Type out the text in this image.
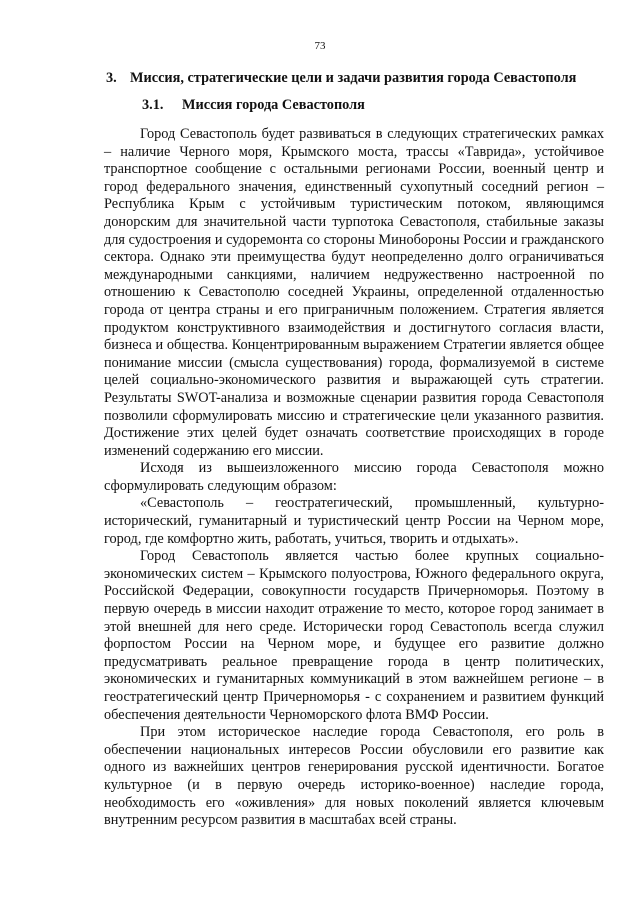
73
3. Миссия, стратегические цели и задачи развития города Севастополя
3.1. Миссия города Севастополя

Город Севастополь будет развиваться в следующих стратегических рамках – наличие Черного моря, Крымского моста, трассы «Таврида», устойчивое транспортное сообщение с остальными регионами России, военный центр и город федерального значения, единственный сухопутный соседний регион – Республика Крым с устойчивым туристическим потоком, являющимся донорским для значительной части турпотока Севастополя, стабильные заказы для судостроения и судоремонта со стороны Минобороны России и гражданского сектора. Однако эти преимущества будут неопределенно долго ограничиваться международными санкциями, наличием недружественно настроенной по отношению к Севастополю соседней Украины, определенной отдаленностью города от центра страны и его приграничным положением. Стратегия является продуктом конструктивного взаимодействия и достигнутого согласия власти, бизнеса и общества. Концентрированным выражением Стратегии является общее понимание миссии (смысла существования) города, формализуемой в системе целей социально-экономического развития и выражающей суть стратегии. Результаты SWOT-анализа и возможные сценарии развития города Севастополя позволили сформулировать миссию и стратегические цели указанного развития. Достижение этих целей будет означать соответствие происходящих в городе изменений содержанию его миссии.

Исходя из вышеизложенного миссию города Севастополя можно сформулировать следующим образом:

«Севастополь – геостратегический, промышленный, культурно-исторический, гуманитарный и туристический центр России на Черном море, город, где комфортно жить, работать, учиться, творить и отдыхать».

Город Севастополь является частью более крупных социально-экономических систем – Крымского полуострова, Южного федерального округа, Российской Федерации, совокупности государств Причерноморья. Поэтому в первую очередь в миссии находит отражение то место, которое город занимает в этой внешней для него среде. Исторически город Севастополь всегда служил форпостом России на Черном море, и будущее его развитие должно предусматривать реальное превращение города в центр политических, экономических и гуманитарных коммуникаций в этом важнейшем регионе – в геостратегический центр Причерноморья - с сохранением и развитием функций обеспечения деятельности Черноморского флота ВМФ России.

При этом историческое наследие города Севастополя, его роль в обеспечении национальных интересов России обусловили его развитие как одного из важнейших центров генерирования русской идентичности. Богатое культурное (и в первую очередь историко-военное) наследие города, необходимость его «оживления» для новых поколений является ключевым внутренним ресурсом развития в масштабах всей страны.
